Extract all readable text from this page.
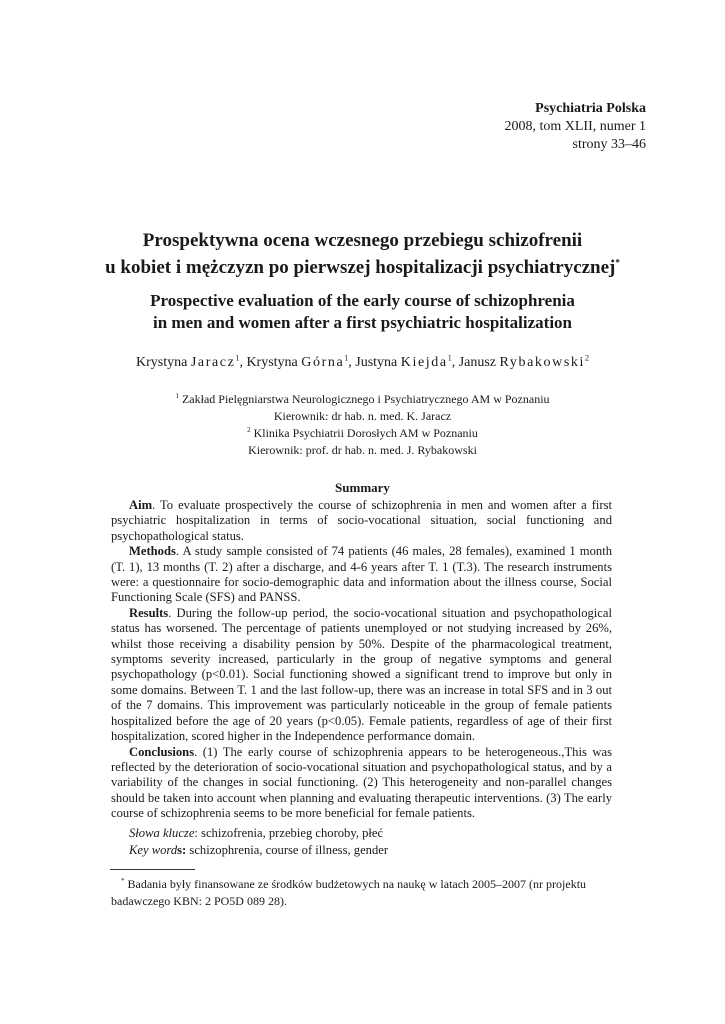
Psychiatria Polska
2008, tom XLII, numer 1
strony 33–46
Prospektywna ocena wczesnego przebiegu schizofrenii
u kobiet i mężczyzn po pierwszej hospitalizacji psychiatrycznej*
Prospective evaluation of the early course of schizophrenia
in men and women after a first psychiatric hospitalization
Krystyna Jaracz$^1$, Krystyna Górna$^1$, Justyna Kiejda$^1$, Janusz Rybakowski$^2$
$^1$ Zakład Pielęgniarstwa Neurologicznego i Psychiatrycznego AM w Poznaniu
Kierownik: dr hab. n. med. K. Jaracz
$^2$ Klinika Psychiatrii Dorosłych AM w Poznaniu
Kierownik: prof. dr hab. n. med. J. Rybakowski
Summary

Aim. To evaluate prospectively the course of schizophrenia in men and women after a first psychiatric hospitalization in terms of socio-vocational situation, social functioning and psychopathological status.

Methods. A study sample consisted of 74 patients (46 males, 28 females), examined 1 month (T. 1), 13 months (T. 2) after a discharge, and 4-6 years after T. 1 (T.3). The research instruments were: a questionnaire for socio-demographic data and information about the illness course, Social Functioning Scale (SFS) and PANSS.

Results. During the follow-up period, the socio-vocational situation and psychopathological status has worsened. The percentage of patients unemployed or not studying increased by 26%, whilst those receiving a disability pension by 50%. Despite of the pharmacological treatment, symptoms severity increased, particularly in the group of negative symptoms and general psychopathology (p<0.01). Social functioning showed a significant trend to improve but only in some domains. Between T. 1 and the last follow-up, there was an increase in total SFS and in 3 out of the 7 domains. This improvement was particularly noticeable in the group of female patients hospitalized before the age of 20 years (p<0.05). Female patients, regardless of age of their first hospitalization, scored higher in the Independence performance domain.

Conclusions. (1) The early course of schizophrenia appears to be heterogeneous.,This was reflected by the deterioration of socio-vocational situation and psychopathological status, and by a variability of the changes in social functioning. (2) This heterogeneity and non-parallel changes should be taken into account when planning and evaluating therapeutic interventions. (3) The early course of schizophrenia seems to be more beneficial for female patients.

Słowa klucze: schizofrenia, przebieg choroby, płeć
Key words: schizophrenia, course of illness, gender
* Badania były finansowane ze środków budżetowych na naukę w latach 2005–2007 (nr projektu badawczego KBN: 2 PO5D 089 28).
